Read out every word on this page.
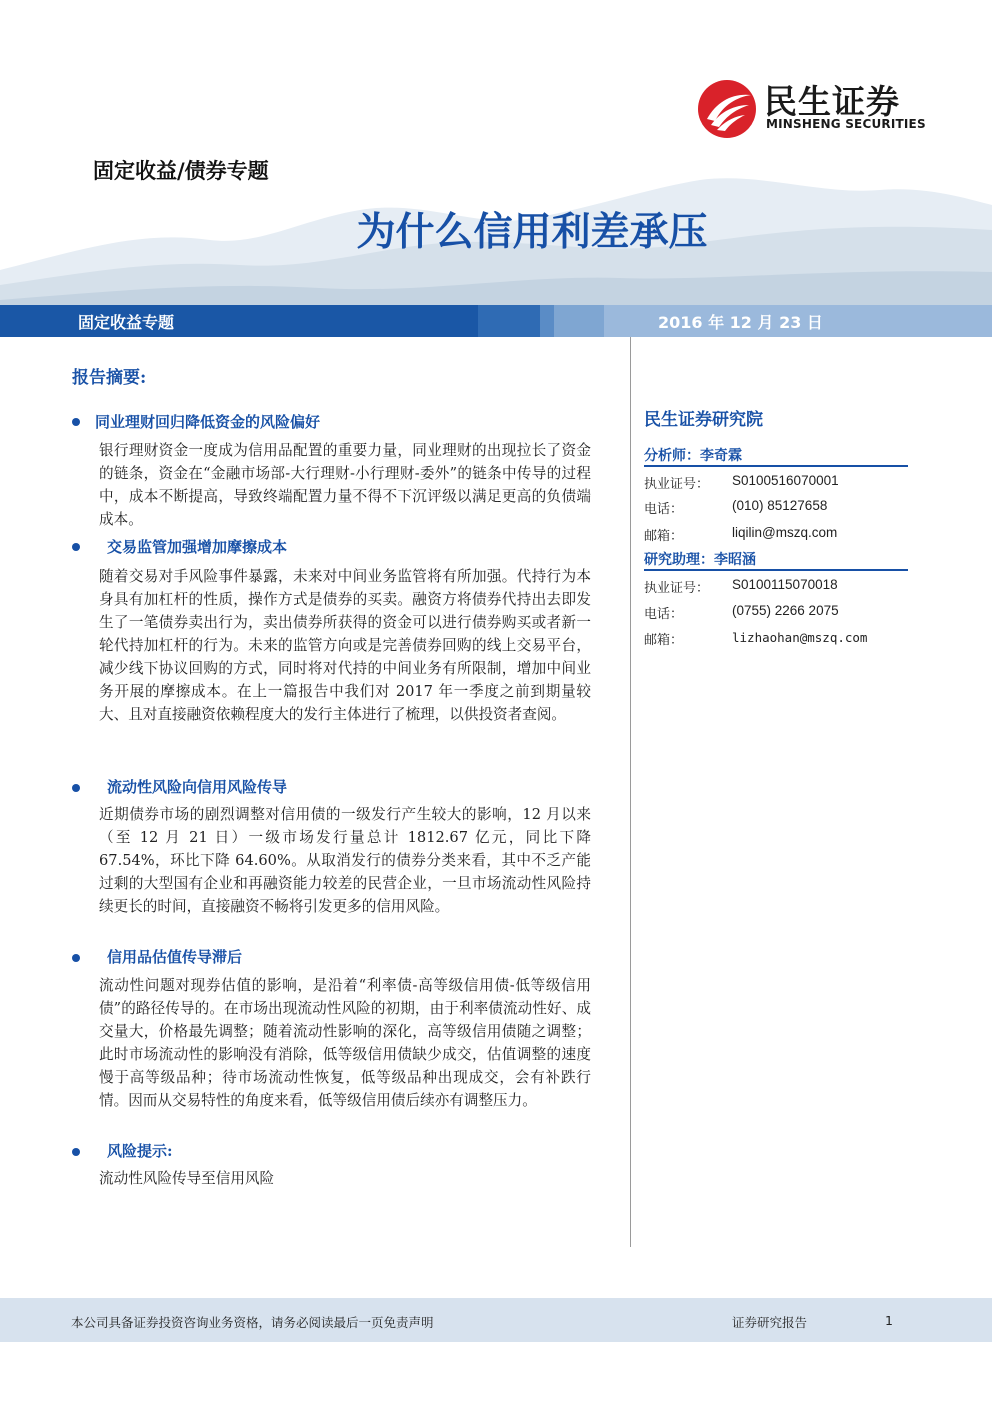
民生证券
MINSHENG SECURITIES
固定收益/债券专题
为什么信用利差承压
固定收益专题	2016 年 12 月 23 日
报告摘要:
同业理财回归降低资金的风险偏好

银行理财资金一度成为信用品配置的重要力量，同业理财的出现拉长了资金的链条，资金在“金融市场部-大行理财-小行理财-委外”的链条中传导的过程中，成本不断提高，导致终端配置力量不得不下沉评级以满足更高的负债端成本。

交易监管加强增加摩擦成本

随着交易对手风险事件暴露，未来对中间业务监管将有所加强。代持行为本身具有加杠杆的性质，操作方式是债券的买卖。融资方将债券代持出去即发生了一笔债券卖出行为，卖出债券所获得的资金可以进行债券购买或者新一轮代持加杠杆的行为。未来的监管方向或是完善债券回购的线上交易平台，减少线下协议回购的方式，同时将对代持的中间业务有所限制，增加中间业务开展的摩擦成本。在上一篇报告中我们对 2017 年一季度之前到期量较大、且对直接融资依赖程度大的发行主体进行了梳理，以供投资者查阅。

流动性风险向信用风险传导

近期债券市场的剧烈调整对信用债的一级发行产生较大的影响，12 月以来（至 12 月 21 日）一级市场发行量总计 1812.67 亿元，同比下降 67.54%，环比下降 64.60%。从取消发行的债券分类来看，其中不乏产能过剩的大型国有企业和再融资能力较差的民营企业，一旦市场流动性风险持续更长的时间，直接融资不畅将引发更多的信用风险。

信用品估值传导滞后

流动性问题对现券估值的影响，是沿着“利率债-高等级信用债-低等级信用债”的路径传导的。在市场出现流动性风险的初期，由于利率债流动性好、成交量大，价格最先调整；随着流动性影响的深化，高等级信用债随之调整；此时市场流动性的影响没有消除，低等级信用债缺少成交，估值调整的速度慢于高等级品种；待市场流动性恢复，低等级品种出现成交，会有补跌行情。因而从交易特性的角度来看，低等级信用债后续亦有调整压力。

风险提示:

流动性风险传导至信用风险

民生证券研究院
分析师：李奇霖
执业证号： S0100516070001
电话：	(010) 85127658
邮箱：	liqilin@mszq.com
研究助理：李昭涵
执业证号： S0100115070018
电话：	(0755) 2266 2075
邮箱：	lizhaohan@mszq.com
本公司具备证券投资咨询业务资格，请务必阅读最后一页免责声明	证券研究报告	1
